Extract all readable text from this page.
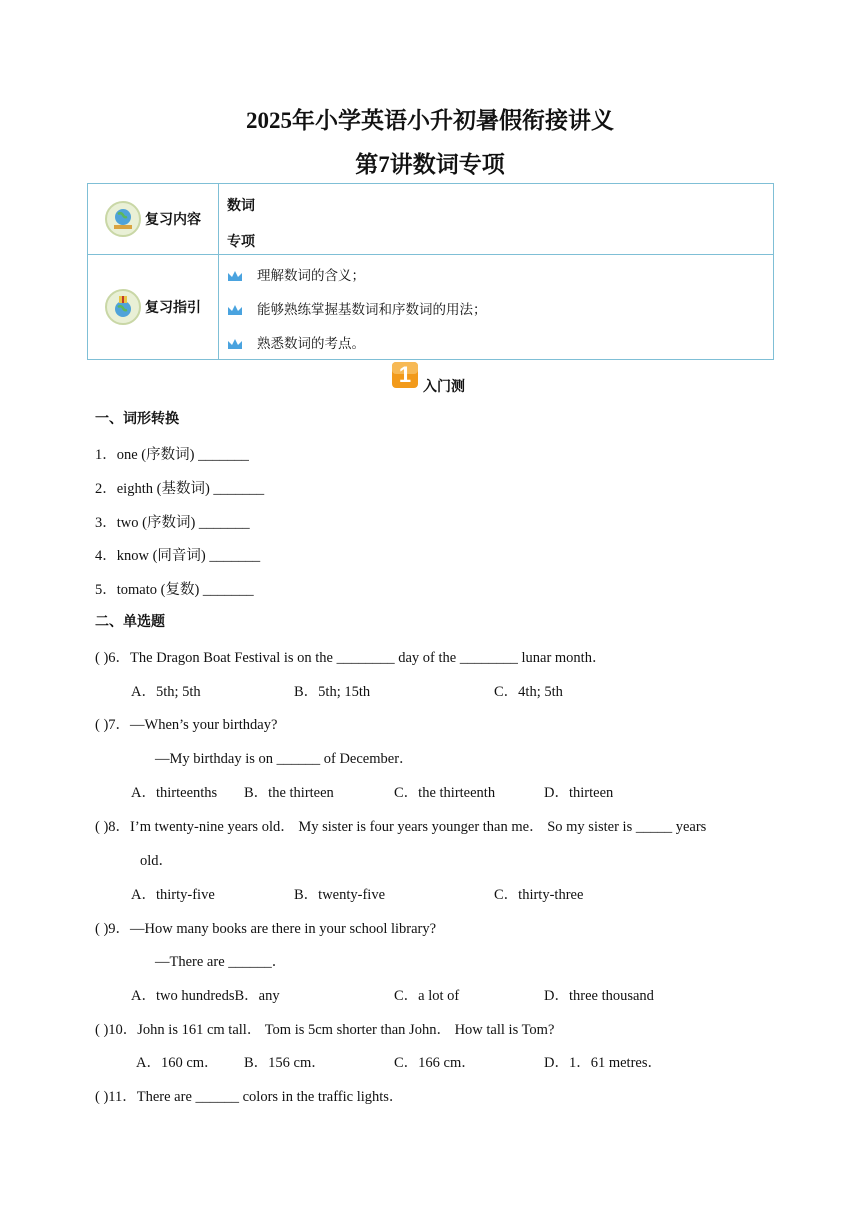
2025年小学英语小升初暑假衔接讲义
第7讲数词专项
复习内容	数词
专项

复习指引	理解数词的含义；
能够熟练掌握基数词和序数词的用法；
熟悉数词的考点。
1 入门测
一、词形转换
1．one (序数词) _______
2．eighth (基数词) _______
3．two (序数词) _______
4．know (同音词) _______
5．tomato (复数) _______
二、单选题
( )6．The Dragon Boat Festival is on the ________ day of the ________ lunar month．
A．5th; 5th	B．5th; 15th	C．4th; 5th
( )7．—When’s your birthday?
—My birthday is on ______ of December．
A．thirteenths B．the thirteen	C．the thirteenth	D．thirteen
( )8．I’m twenty-nine years old． My sister is four years younger than me． So my sister is _____ years
old．
A．thirty-five	B．twenty-five	C．thirty-three
( )9．—How many books are there in your school library?
—There are ______．
A．two hundredsB．any	C．a lot of	D．three thousand
( )10．John is 161 cm tall． Tom is 5cm shorter than John． How tall is Tom?
A．160 cm． B．156 cm．	C．166 cm．	D．1．61 metres．
( )11．There are ______ colors in the traffic lights．
